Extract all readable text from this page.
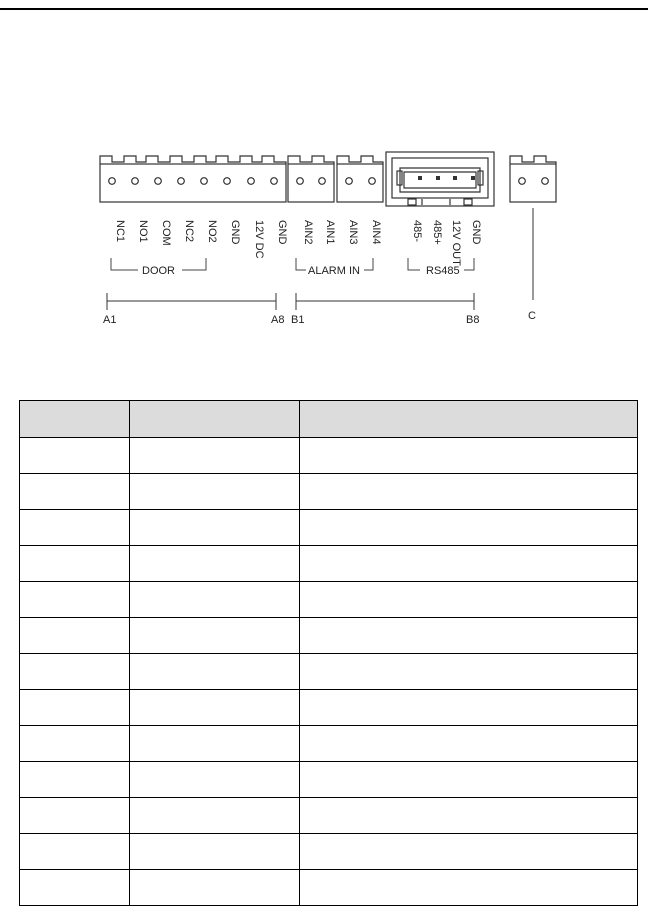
NC1 NO1 COM NC2 NO2 GND 12V DC GND AIN2 AIN1 AIN3 AIN4	485- 485+ 12V OUT GND
DOOR	ALARM IN	RS485
A1	A8 B1	B8	C
